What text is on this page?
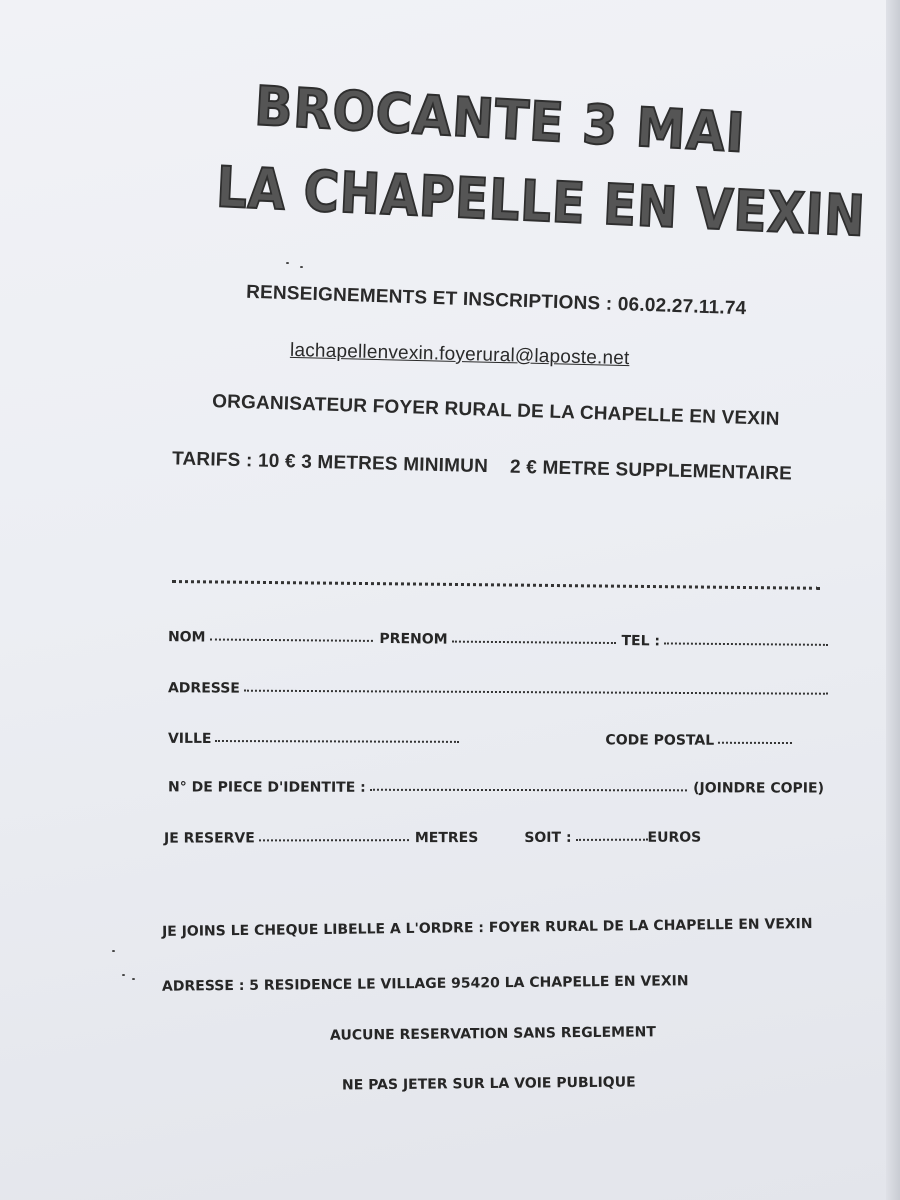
BROCANTE 3 MAI
LA CHAPELLE EN VEXIN
RENSEIGNEMENTS ET INSCRIPTIONS : 06.02.27.11.74
lachapellenvexin.foyerural@laposte.net
ORGANISATEUR FOYER RURAL DE LA CHAPELLE EN VEXIN
TARIFS : 10 € 3 METRES MINIMUN 2 € METRE SUPPLEMENTAIRE
NOM	PRENOM	TEL :
ADRESSE
VILLE	CODE POSTAL
N° DE PIECE D'IDENTITE :	(JOINDRE COPIE)
JE RESERVE	METRES	SOIT :	EUROS
JE JOINS LE CHEQUE LIBELLE A L'ORDRE : FOYER RURAL DE LA CHAPELLE EN VEXIN
ADRESSE : 5 RESIDENCE LE VILLAGE 95420 LA CHAPELLE EN VEXIN
AUCUNE RESERVATION SANS REGLEMENT
NE PAS JETER SUR LA VOIE PUBLIQUE
